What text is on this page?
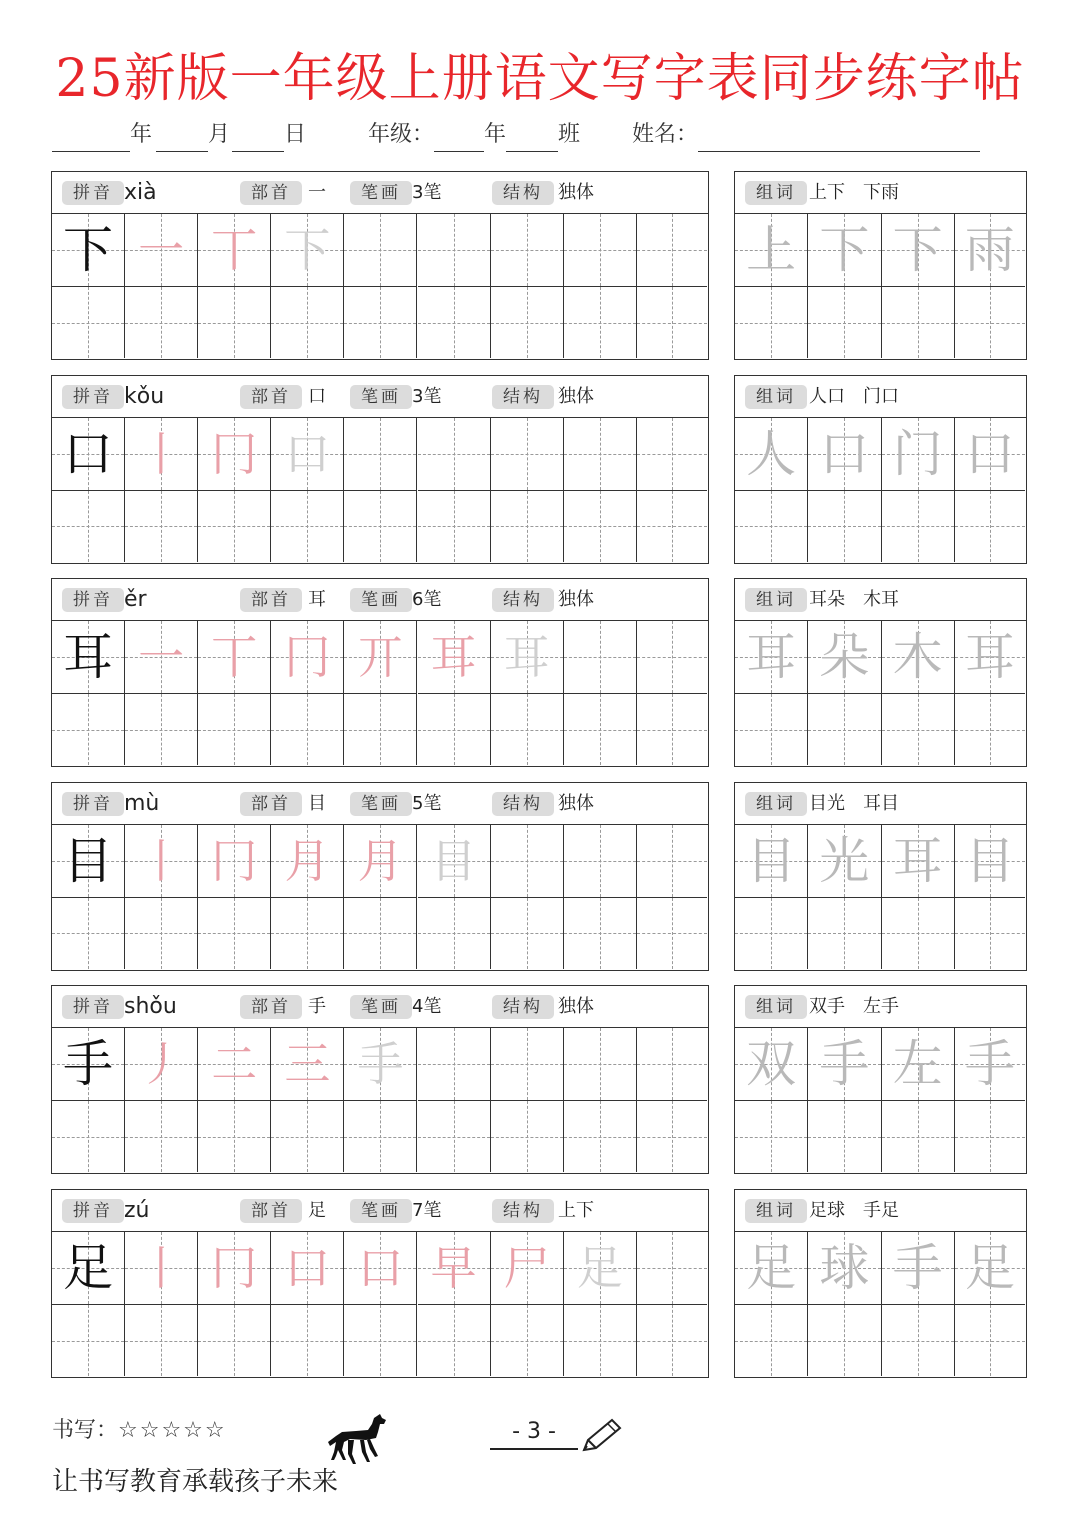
25新版一年级上册语文写字表同步练字帖
年	月	日	年级： 年 班 姓名：
拼音 xià	部首 一	笔画 3笔	结构 独体
下 一 丅 下
组词 上下　下雨
上 下 下 雨
拼音 kǒu	部首 口	笔画 3笔	结构 独体
口 丨 冂 口
组词 人口　门口
人 口 门 口
拼音 ěr	部首 耳	笔画 6笔	结构 独体
耳 一 丅 冂 丌 耳 耳
组词 耳朵　木耳
耳 朵 木 耳
拼音 mù	部首 目	笔画 5笔	结构 独体
目 丨 冂 月 月 目
组词 目光　耳目
目 光 耳 目
拼音 shǒu	部首 手	笔画 4笔	结构 独体
手 丿 二 三 手
组词 双手　左手
双 手 左 手
拼音 zú	部首 足	笔画 7笔	结构 上下
足 丨 冂 口 口 早 尸 足
组词 足球　手足
足 球 手 足
书写：☆☆☆☆☆	- 3 -
让书写教育承载孩子未来
